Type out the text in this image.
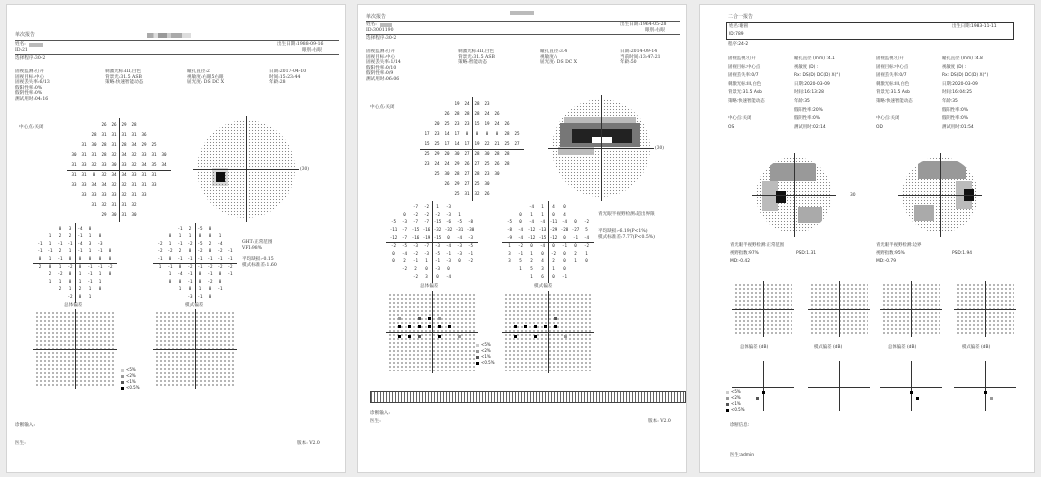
单次报告
姓名:	出生日期:1988-09-16
ID: 21	眼别:右眼
选择程序:30-2
固视监测:打开
固视目标:中心
固视丢失率:6/13
假阳性率:0%
假阴性率:0%
测试用时:04:16
刺激光标:III,白色
背景光:31.5 ASB
策略:快速智能动态
瞳孔直径:2
视敏度:右眼5右眼
屈光度: DS DC X
日期:2017-04-10
时间:15:23:44
年龄:28
中心点:关闭
26	26	29	28
28	31	31	31	31	36
31	30	28	31	28	34	29	25
30	31	31	28	32	34	32	33	31	30
31	33	32	33	30	33	32	34	35	34
31	31	0	32	34	34	33	31	31
33	33	34	34	32	32	31	31	33
33	33	33	33	32	31	33
31	32	31	31	32
29	30	31	30
(30)
0	3	-4	0
1	2	2	-1	1	0
-1	1	-1	-1	-4	3	-3
-1	-1	2	1	-1	1	-1	0
0	1	-1	0	0	0	0	0
2	0	1	-2	0	-1	-1	-2
2	-2	0	1	-1	1	0
1	1	0	1	-1	1
2	1	2	1	0
-2	0	1
-1	2	-5	0
0	1	1	0	0	1
-2	1	-1	-2	-5	2	-4
-2	-2	2	0	-2	0	-2	-1
-1	0	-1	-1	-1	-1	-1	-1
1	-1	0	-2	-1	-2	-2	-2
1	-4	-1	0	-1	0	-1
0	0	-1	0	-2	0
1	0	1	0	-1
-3	-1	0
总体偏差	模式偏差
GHT:正常范围
VFI:98%
平均缺损:-0.15
模式标准差:1.60
<5%
<2%
<1%
<0.5%
诊断输入:
医生:	版本: V2.0
单次报告
姓名:	出生日期:1964-05-28
ID:3001190	眼别:右眼
选择程序:30-2
固视监测:打开
固视目标:中心
固视丢失率:1/14
假阳性率:0/10
假阴性率:0/9
测试用时:06:06
刺激光标:III,白色
背景光:31.5 ASB
策略:智能动态
瞳孔直径:3.4
视敏度:\
屈光度: DS DC X
日期:2014-09-14
当前时间:13:47:21
年龄:50
中心点:关闭
19	24	28	23
26	28	28	28	24	26
20	25	23	23	15	19	24	26
17	23	14	17	0	0	0	0	28	25
15	25	17	14	17	19	22	21	25	27
25	29	20	30	27	28	30	28	28
23	24	24	29	26	27	25	26	28
25	30	28	27	28	23	30
26	29	27	25	30
25	31	32	26
(30)
-7	-2	1	-3
0	-2	-2	-2	-3	1
-5	-3	-7	-7	-15	-6	-5	-8
-11	-7	-15 -16 -32 -32 -31 -30
-12	-7	-16 -19 -15	0	-4	-3
-2	-5	-3	-7	-3	-4	-3	-5
0	-4	-2	-3	-5	-1	-3	-1
0	2	-1	1	-1	-3	0	-2
-2	2	0	-3	0
-2	3	0	-4
-4	1	4	0
0	1	1	0	4
-5	0	-4	-4	-11	-4	0	-2
-8	-4	-12 -13 -29 -28 -27	5
-9	-4	-12 -15 -12	0	-1	-4
1	-2	0	-4	0	-1	0	-2
3	-1	1	0	-2	0	2	1
3	5	2	4	2	0	1	0
1	5	3	1	0
1	6	0	-1
总体偏差	模式偏差
青光眼半视野检测:超出界限
平均缺损:-6.19(P<1%)
模式标准差:7.77(P<0.5%)
<5%
<2%
<1%
<0.5%
诊断输入:
医生:	版本: V2.0
二合一报告
姓名:谢圆	出生日期:1983-11-11
ID:789
程序:24-2
固视监视:打开	瞳孔直径 (mm) :4.1
固视目标:中心点	视敏度 (D) :
固视丢失率:0/7	Rx: DS(D) DC(D) X(°)
刺激光标:III,白色	日期:2020-03-09
背景光:31.5 Asb	时间:16:13:28
策略:快速智能动态	年龄:35
假阳性率:20%
中心点:关闭	假阴性率:0%
OS	测试用时:02:14
固视监视:打开	瞳孔直径 (mm) :4.8
固视目标:中心点	视敏度 (D) :
固视丢失率:0/7	Rx: DS(D) DC(D) X(°)
刺激光标:III,白色	日期:2020-03-09
背景光:31.5 Asb	时间:16:04:25
策略:快速智能动态	年龄:35
假阳性率:0%
中心点:关闭	假阴性率:0%
OD	测试用时:01:54
30
青光眼半视野检测:正常范围
视野指数:97%	PSD:1.31
MD:-0.42
青光眼半视野检测:边界
视野指数:95%	PSD:1.94
MD:-0.79
总体偏差 (dB)	模式偏差 (dB)	总体偏差 (dB)	模式偏差 (dB)
<5%
<2%
<1%
<0.5%
诊断信息:
医生:admin
